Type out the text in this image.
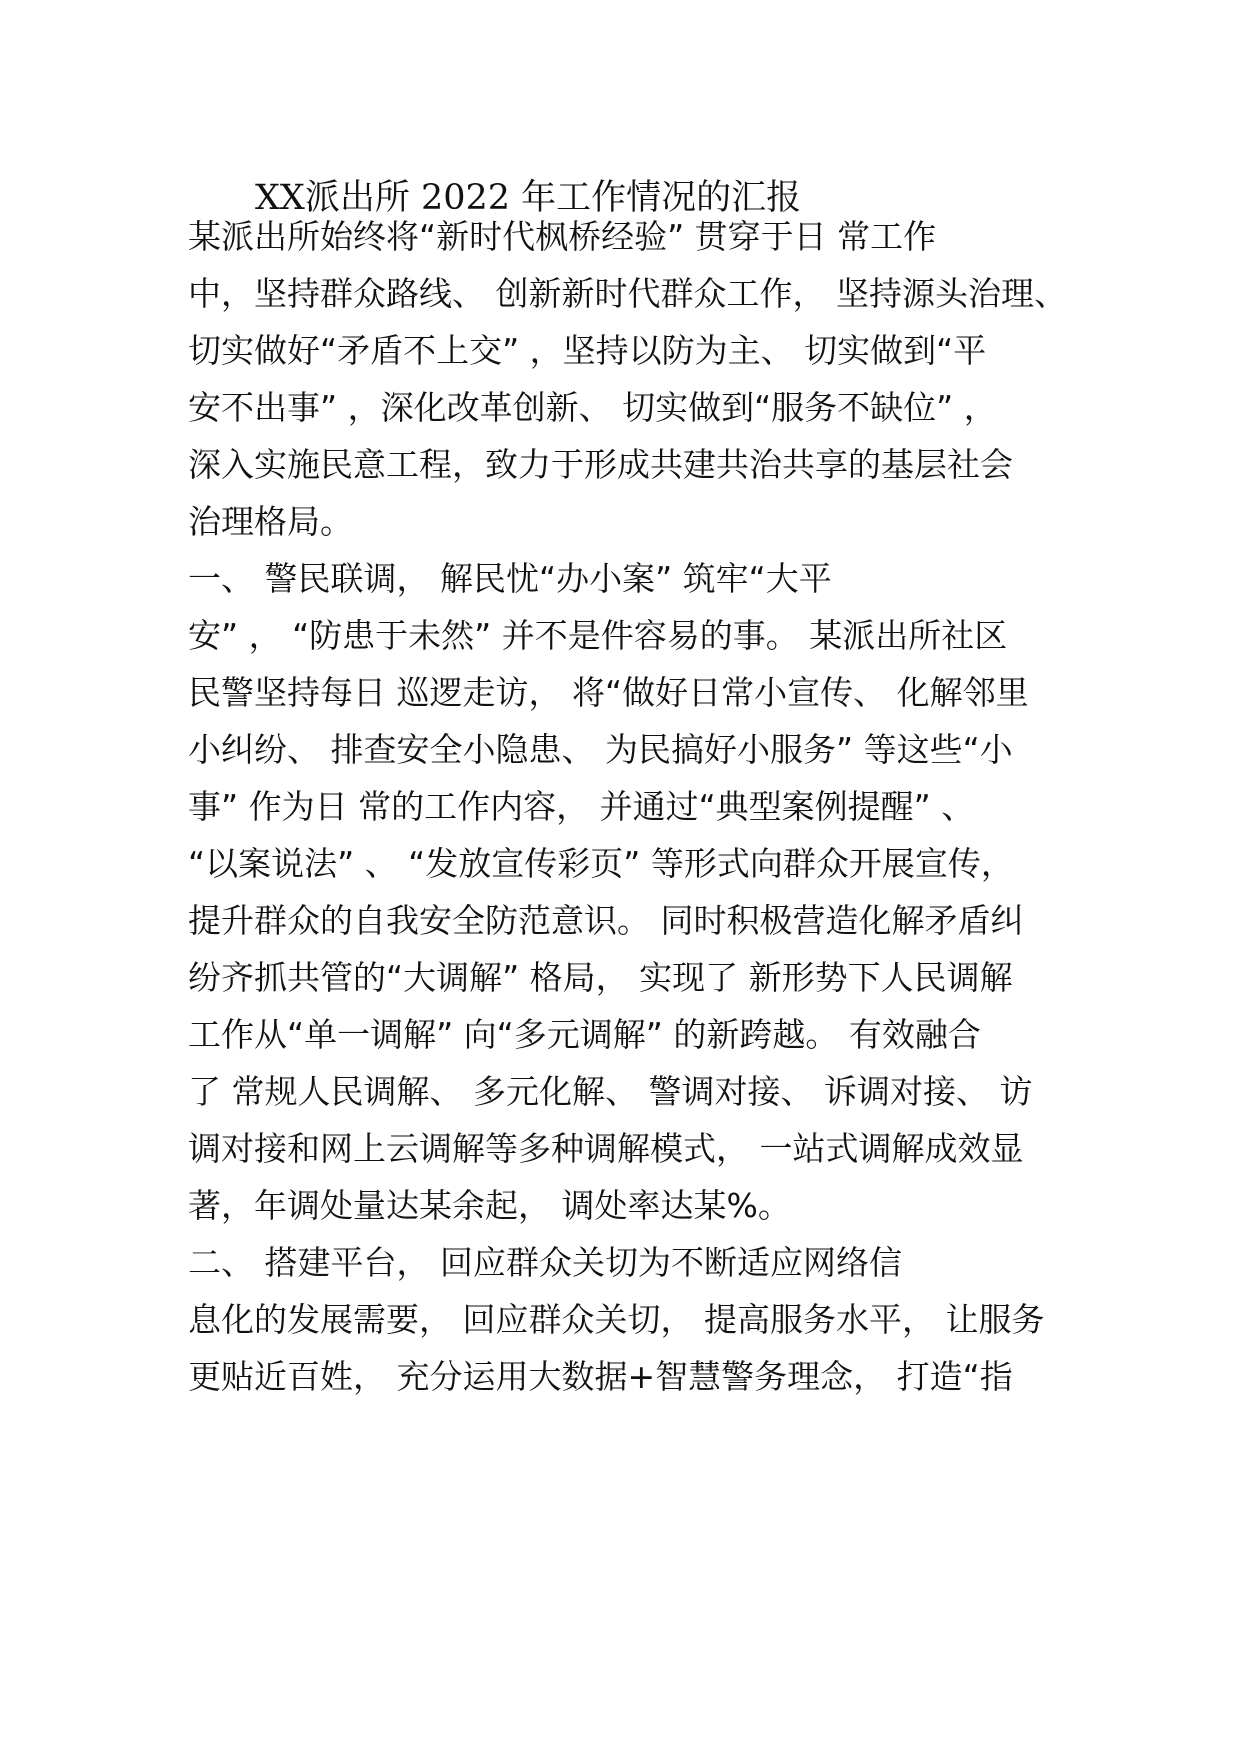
XX派出所 2022 年工作情况的汇报
某派出所始终将“新时代枫桥经验” 贯穿于日 常工作
中，坚持群众路线、 创新新时代群众工作， 坚持源头治理、
切实做好“矛盾不上交” ，坚持以防为主、 切实做到“平
安不出事” ，深化改革创新、 切实做到“服务不缺位” ，
深入实施民意工程，致力于形成共建共治共享的基层社会
治理格局。
一、 警民联调， 解民忧“办小案” 筑牢“大平
安” ， “防患于未然” 并不是件容易的事。 某派出所社区
民警坚持每日 巡逻走访， 将“做好日常小宣传、 化解邻里
小纠纷、 排查安全小隐患、 为民搞好小服务” 等这些“小
事” 作为日 常的工作内容， 并通过“典型案例提醒” 、
“以案说法” 、 “发放宣传彩页” 等形式向群众开展宣传，
提升群众的自我安全防范意识。 同时积极营造化解矛盾纠
纷齐抓共管的“大调解” 格局， 实现了 新形势下人民调解
工作从“单一调解” 向“多元调解” 的新跨越。 有效融合
了 常规人民调解、 多元化解、 警调对接、 诉调对接、 访
调对接和网上云调解等多种调解模式， 一站式调解成效显
著，年调处量达某余起， 调处率达某%。
二、 搭建平台， 回应群众关切为不断适应网络信
息化的发展需要， 回应群众关切， 提高服务水平， 让服务
更贴近百姓， 充分运用大数据+智慧警务理念， 打造“指
